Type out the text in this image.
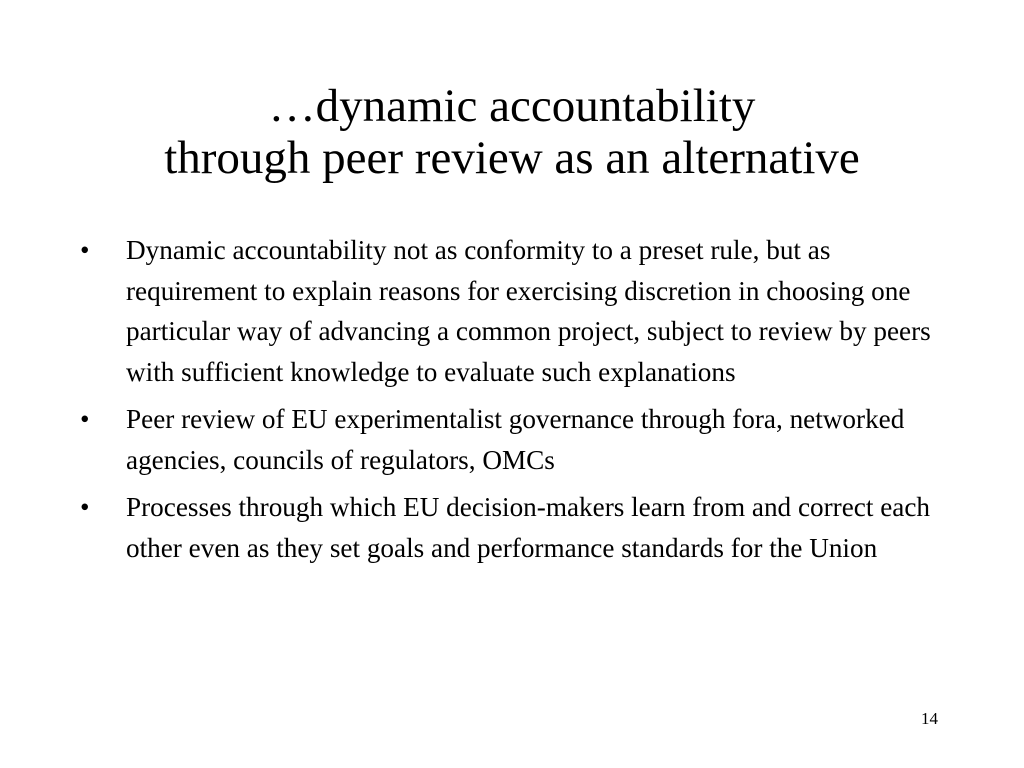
…dynamic accountability
through peer review as an alternative
•	Dynamic accountability not as conformity to a preset rule, but as requirement to explain reasons for exercising discretion in choosing one particular way of advancing a common project, subject to review by peers with sufficient knowledge to evaluate such explanations
•	Peer review of EU experimentalist governance through fora, networked agencies, councils of regulators, OMCs
•	Processes through which EU decision-makers learn from and correct each other even as they set goals and performance standards for the Union
14
